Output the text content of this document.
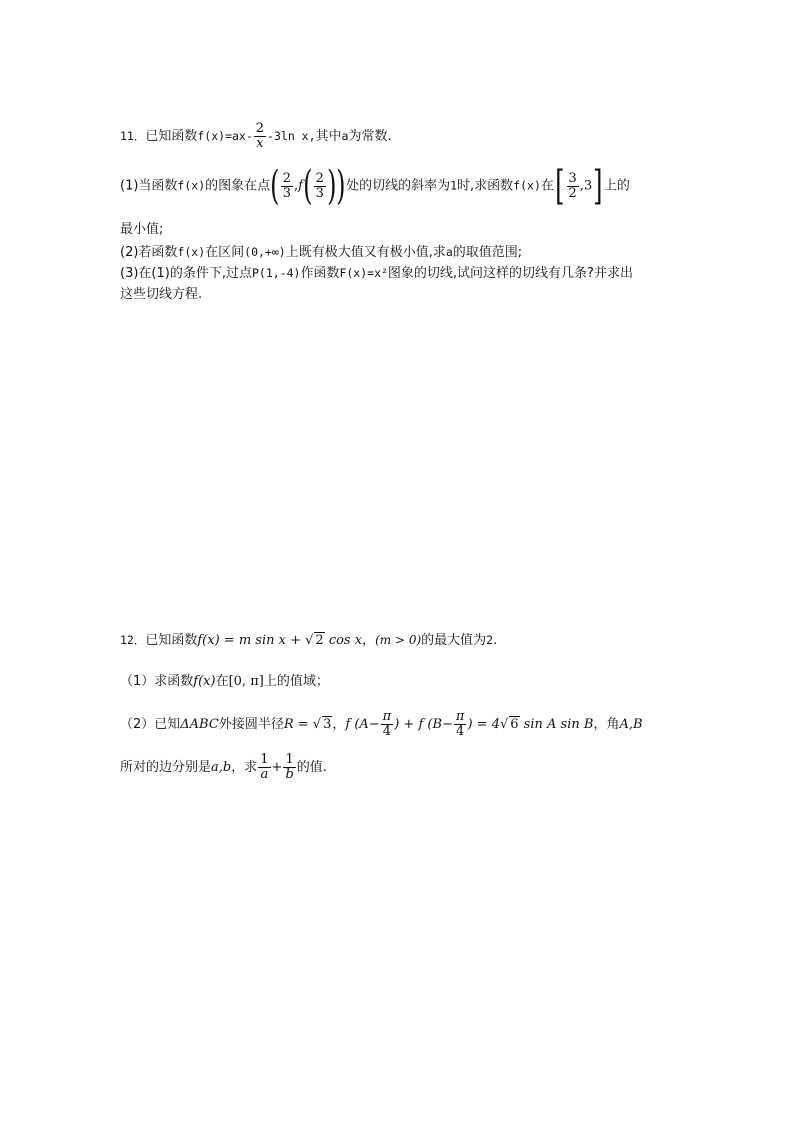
11．已知函数$f(x)=ax- \frac{2}{x} -3\ln$ x,其中a为常数.
(1)当函数f(x)的图象在点( $\frac{2}{3} ,f( \frac{2}{3}$ ))处的切线的斜率为1时,求函数f(x)在[ $\frac{3}{2} ,3$]上的
最小值;
(2)若函数f(x)在区间(0,+∞)上既有极大值又有极小值,求a的取值范围;
(3)在(1)的条件下,过点P(1,-4)作函数F(x)=x²图象的切线,试问这样的切线有几条?并求出
这些切线方程.
12．已知函数f(x) = m sin x + √ 2 cos x，(m > 0)的最大值为2.
（1）求函数f(x)在[0, π]上的值域；
（2）已知ΔABC外接圆半径R = √ 3，f ($A- \frac{\pi}{4}$ ) + f ($B- \frac{\pi}{4}$ ) = 4√ 6 sin A sin B，角A,B
所对的边分别是a,b，求 $\frac{1}{a} + \frac{1}{b}$ 的值.
